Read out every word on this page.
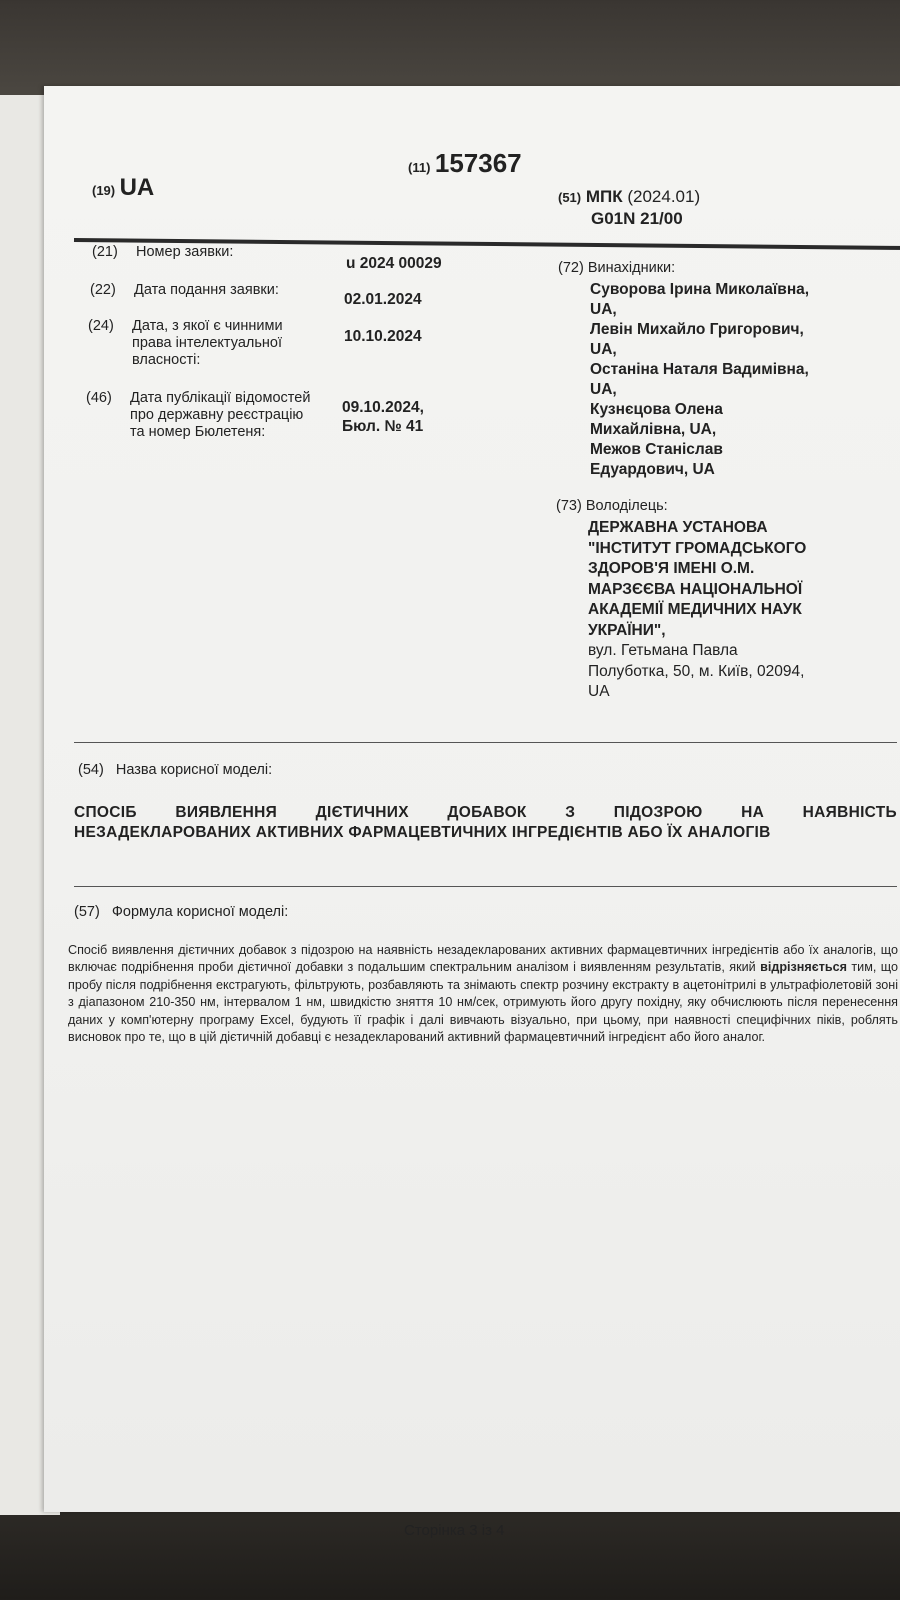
(19) UA
(11) 157367
(51) МПК (2024.01)
G01N 21/00
(21) Номер заявки:
u 2024 00029
(22) Дата подання заявки:
02.01.2024
(24) Дата, з якої є чинними
права інтелектуальної
власності:
10.10.2024
(46) Дата публікації відомостей
про державну реєстрацію
та номер Бюлетеня:
09.10.2024,
Бюл. № 41
(72) Винахідники:
Суворова Ірина Миколаївна,
UA,
Левін Михайло Григорович,
UA,
Останіна Наталя Вадимівна,
UA,
Кузнєцова Олена
Михайлівна, UA,
Межов Станіслав
Едуардович, UA
(73) Володілець:
ДЕРЖАВНА УСТАНОВА
"ІНСТИТУТ ГРОМАДСЬКОГО
ЗДОРОВ'Я ІМЕНІ О.М.
МАРЗЄЄВА НАЦІОНАЛЬНОЇ
АКАДЕМІЇ МЕДИЧНИХ НАУК
УКРАЇНИ",
вул. Гетьмана Павла
Полуботка, 50, м. Київ, 02094,
UA
(54) Назва корисної моделі:
СПОСІБ ВИЯВЛЕННЯ ДІЄТИЧНИХ ДОБАВОК З ПІДОЗРОЮ НА НАЯВНІСТЬ
НЕЗАДЕКЛАРОВАНИХ АКТИВНИХ ФАРМАЦЕВТИЧНИХ ІНГРЕДІЄНТІВ АБО ЇХ АНАЛОГІВ
(57) Формула корисної моделі:
Спосіб виявлення дієтичних добавок з підозрою на наявність незадекларованих активних фармацевтичних інгредієнтів або їх аналогів, що включає подрібнення проби дієтичної добавки з подальшим спектральним аналізом і виявленням результатів, який відрізняється тим, що пробу після подрібнення екстрагують, фільтрують, розбавляють та знімають спектр розчину екстракту в ацетонітрилі в ультрафіолетовій зоні з діапазоном 210-350 нм, інтервалом 1 нм, швидкістю зняття 10 нм/сек, отримують його другу похідну, яку обчислюють після перенесення даних у комп'ютерну програму Excel, будують її графік і далі вивчають візуально, при цьому, при наявності специфічних піків, роблять висновок про те, що в цій дієтичній добавці є незадекларований активний фармацевтичний інгредієнт або його аналог.
Сторінка 3 із 4
